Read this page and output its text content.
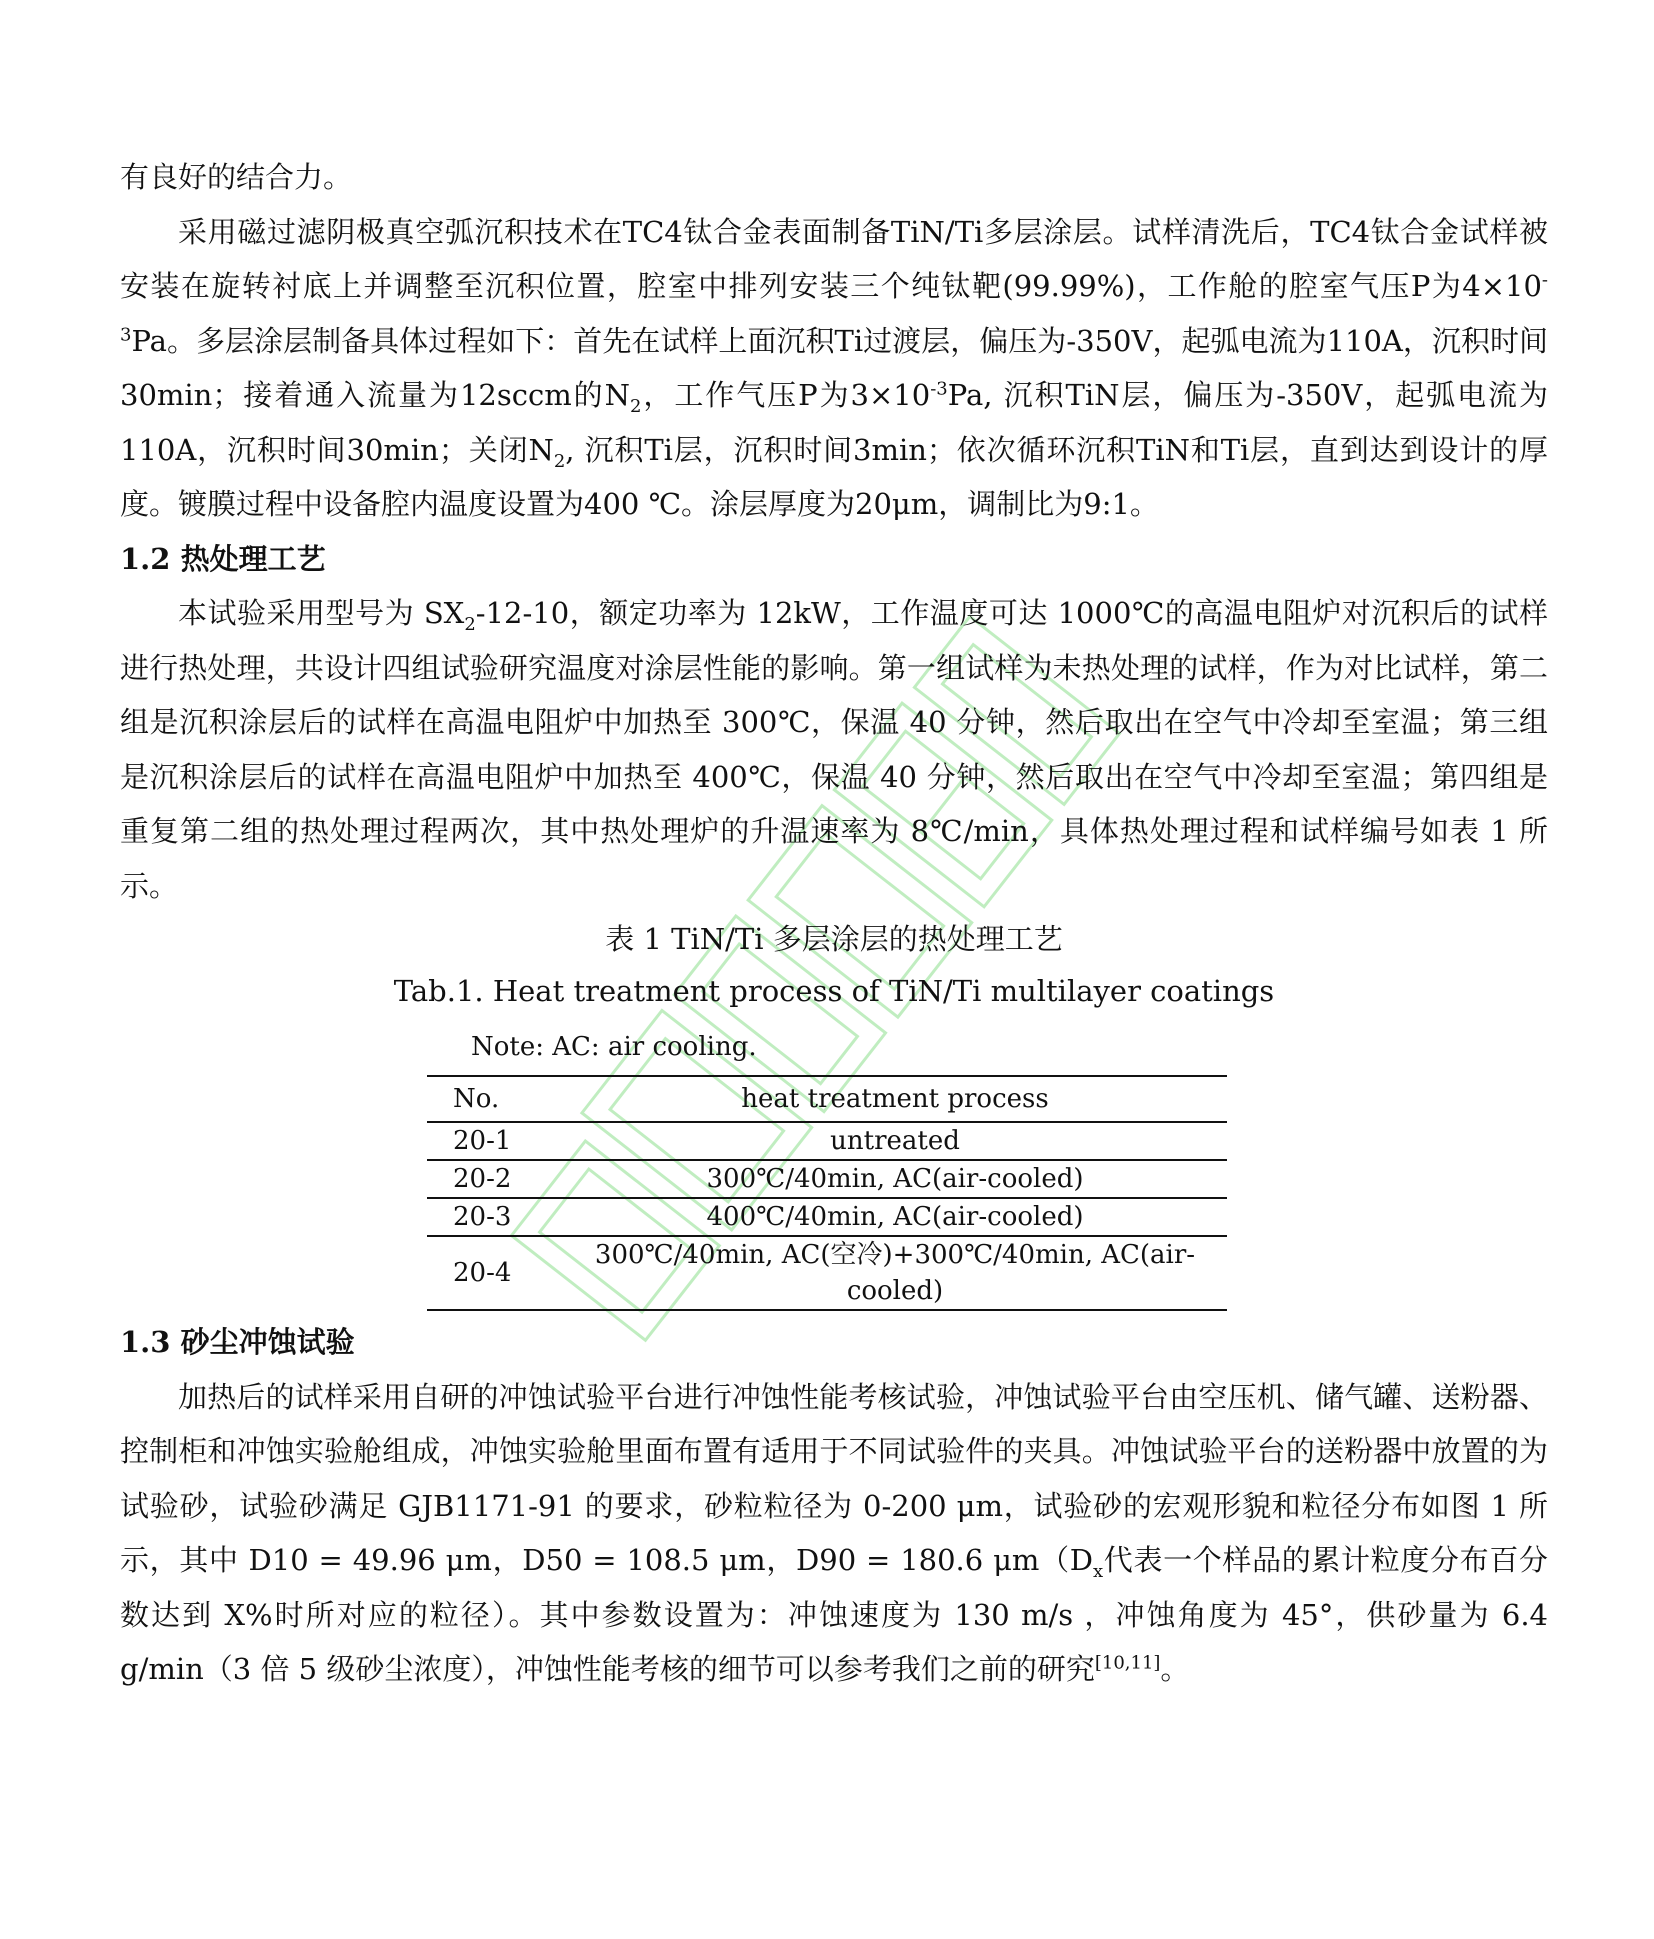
有良好的结合力。

采用磁过滤阴极真空弧沉积技术在TC4钛合金表面制备TiN/Ti多层涂层。试样清洗后，TC4钛合金试样被安装在旋转衬底上并调整至沉积位置，腔室中排列安装三个纯钛靶(99.99%)，工作舱的腔室气压P为$4\times 10^{-3}Pa$。多层涂层制备具体过程如下：首先在试样上面沉积Ti过渡层，偏压为-350V，起弧电流为110A，沉积时间30min；接着通入流量为12sccm的$N_2$，工作气压P为$3\times 10^{-3}Pa$, 沉积TiN层，偏压为-350V，起弧电流为110A，沉积时间30min；关闭$N_2$, 沉积Ti层，沉积时间3min；依次循环沉积TiN和Ti层，直到达到设计的厚度。镀膜过程中设备腔内温度设置为400 ℃。涂层厚度为20μm，调制比为9:1。

1.2 热处理工艺

本试验采用型号为 $SX_2-12-10$，额定功率为 12kW，工作温度可达 1000℃的高温电阻炉对沉积后的试样进行热处理，共设计四组试验研究温度对涂层性能的影响。第一组试样为未热处理的试样，作为对比试样，第二组是沉积涂层后的试样在高温电阻炉中加热至 300℃，保温 40 分钟，然后取出在空气中冷却至室温；第三组是沉积涂层后的试样在高温电阻炉中加热至 400℃，保温 40 分钟，然后取出在空气中冷却至室温；第四组是重复第二组的热处理过程两次，其中热处理炉的升温速率为 8℃/min，具体热处理过程和试样编号如表 1 所示。

表 1 TiN/Ti 多层涂层的热处理工艺
Tab.1. Heat treatment process of TiN/Ti multilayer coatings
Note: AC: air cooling.
No.	heat treatment process
20-1	untreated
20-2	300℃/40min, AC(air-cooled)
20-3	400℃/40min, AC(air-cooled)
20-4	300℃/40min, AC(空冷)+300℃/40min, AC(air-cooled)
1.3 砂尘冲蚀试验

加热后的试样采用自研的冲蚀试验平台进行冲蚀性能考核试验，冲蚀试验平台由空压机、储气罐、送粉器、控制柜和冲蚀实验舱组成，冲蚀实验舱里面布置有适用于不同试验件的夹具。冲蚀试验平台的送粉器中放置的为试验砂，试验砂满足 GJB1171-91 的要求，砂粒粒径为 0-200 μm，试验砂的宏观形貌和粒径分布如图 1 所示，其中 D10 = 49.96 μm，D50 = 108.5 μm，D90 = 180.6 $\mu m(D_x$代表一个样品的累计粒度分布百分数达到 X%时所对应的粒径）。其中参数设置为：冲蚀速度为 130 m/s ，冲蚀角度为 45°，供砂量为 6.4 g/min（3 倍 5 级砂尘浓度），冲蚀性能考核的细节可以参考我们之前的研究[10,11]。
